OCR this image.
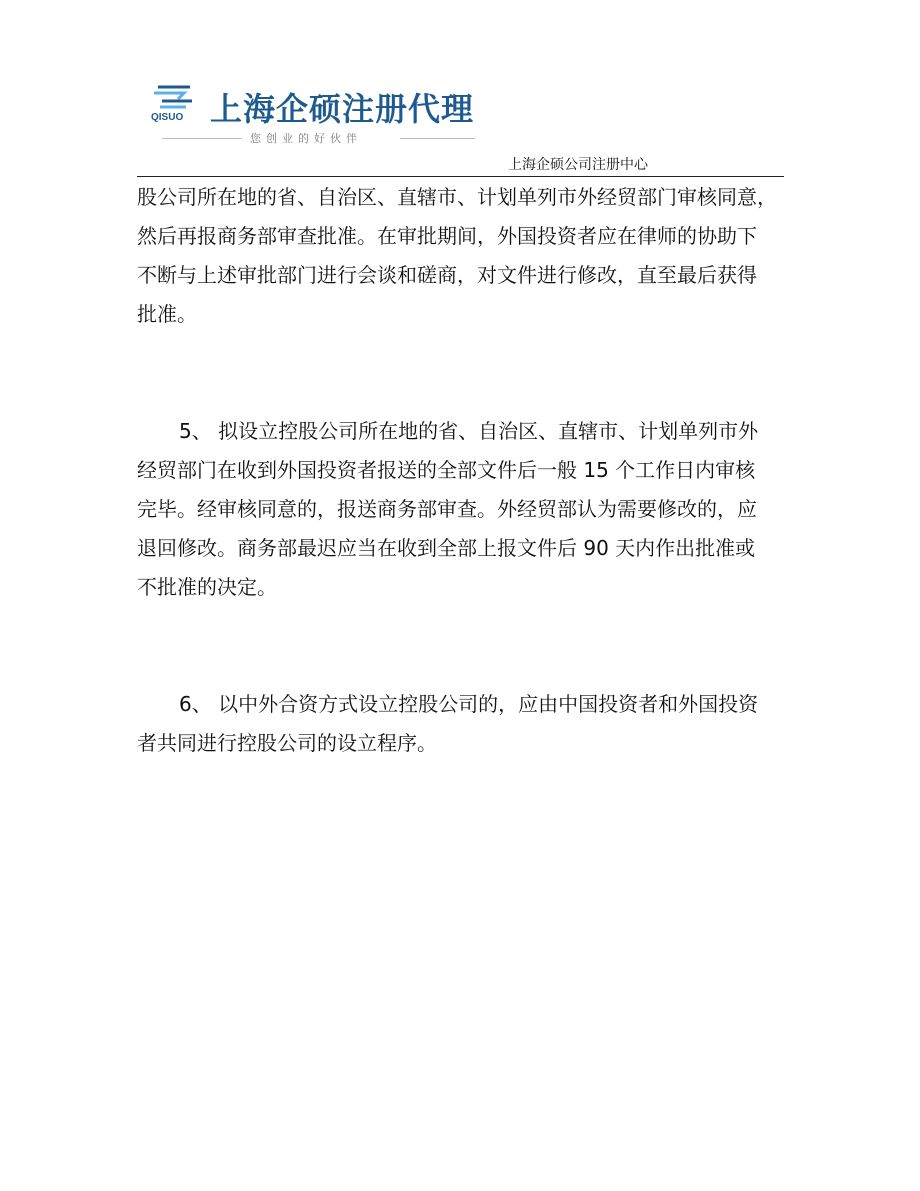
QISUO 上海企硕注册代理
您创业的好伙伴
上海企硕公司注册中心
股公司所在地的省、自治区、直辖市、计划单列市外经贸部门审核同意，
然后再报商务部审查批准。在审批期间，外国投资者应在律师的协助下
不断与上述审批部门进行会谈和磋商，对文件进行修改，直至最后获得
批准。
5、 拟设立控股公司所在地的省、自治区、直辖市、计划单列市外
经贸部门在收到外国投资者报送的全部文件后一般 15 个工作日内审核
完毕。经审核同意的，报送商务部审查。外经贸部认为需要修改的，应
退回修改。商务部最迟应当在收到全部上报文件后 90 天内作出批准或
不批准的决定。
6、 以中外合资方式设立控股公司的，应由中国投资者和外国投资
者共同进行控股公司的设立程序。
